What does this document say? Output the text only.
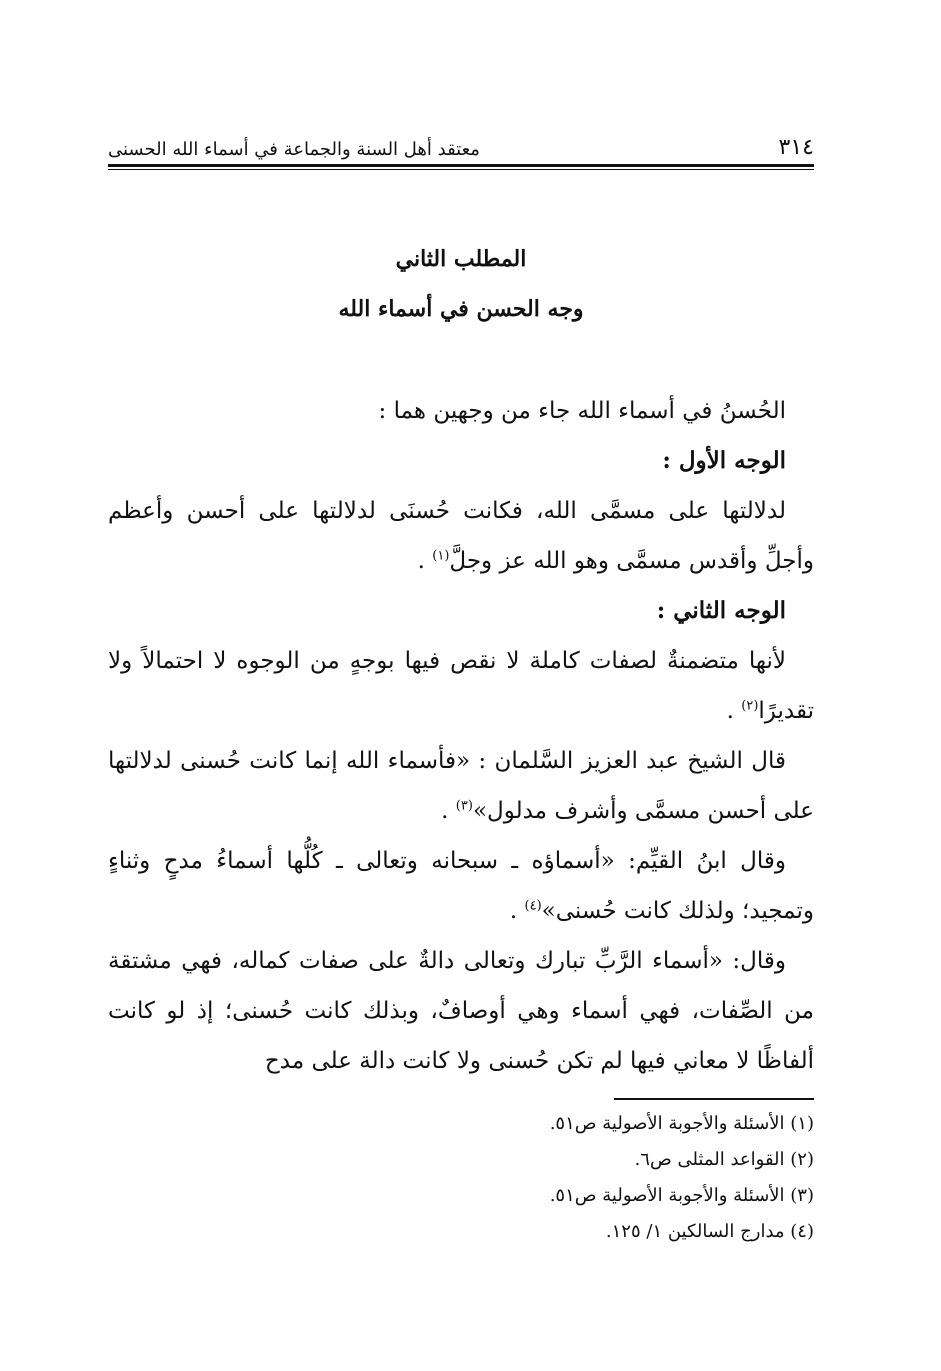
٣١٤
معتقد أهل السنة والجماعة في أسماء الله الحسنى
المطلب الثاني
وجه الحسن في أسماء الله

الحُسنُ في أسماء الله جاء من وجهين هما :

الوجه الأول :

لدلالتها على مسمَّى الله، فكانت حُسنَى لدلالتها على أحسن وأعظم وأجلِّ وأقدس مسمَّى وهو الله عز وجلَّ$^{(١)}$ .

الوجه الثاني :

لأنها متضمنةٌ لصفات كاملة لا نقص فيها بوجهٍ من الوجوه لا احتمالاً ولا تقديرًا$^{(٢)}$ .

قال الشيخ عبد العزيز السَّلمان : «فأسماء الله إنما كانت حُسنى لدلالتها على أحسن مسمَّى وأشرف مدلول»$^{(٣)}$ .

وقال ابنُ القيِّم: «أسماؤه ـ سبحانه وتعالى ـ كُلُّها أسماءُ مدحٍ وثناءٍ وتمجيد؛ ولذلك كانت حُسنى»$^{(٤)}$ .

وقال: «أسماء الرَّبِّ تبارك وتعالى دالةٌ على صفات كماله، فهي مشتقة من الصِّفات، فهي أسماء وهي أوصافٌ، وبذلك كانت حُسنى؛ إذ لو كانت ألفاظًا لا معاني فيها لم تكن حُسنى ولا كانت دالة على مدح

(١) الأسئلة والأجوبة الأصولية ص٥١.
(٢) القواعد المثلى ص٦.
(٣) الأسئلة والأجوبة الأصولية ص٥١.
(٤) مدارج السالكين ١/ ١٢٥.
